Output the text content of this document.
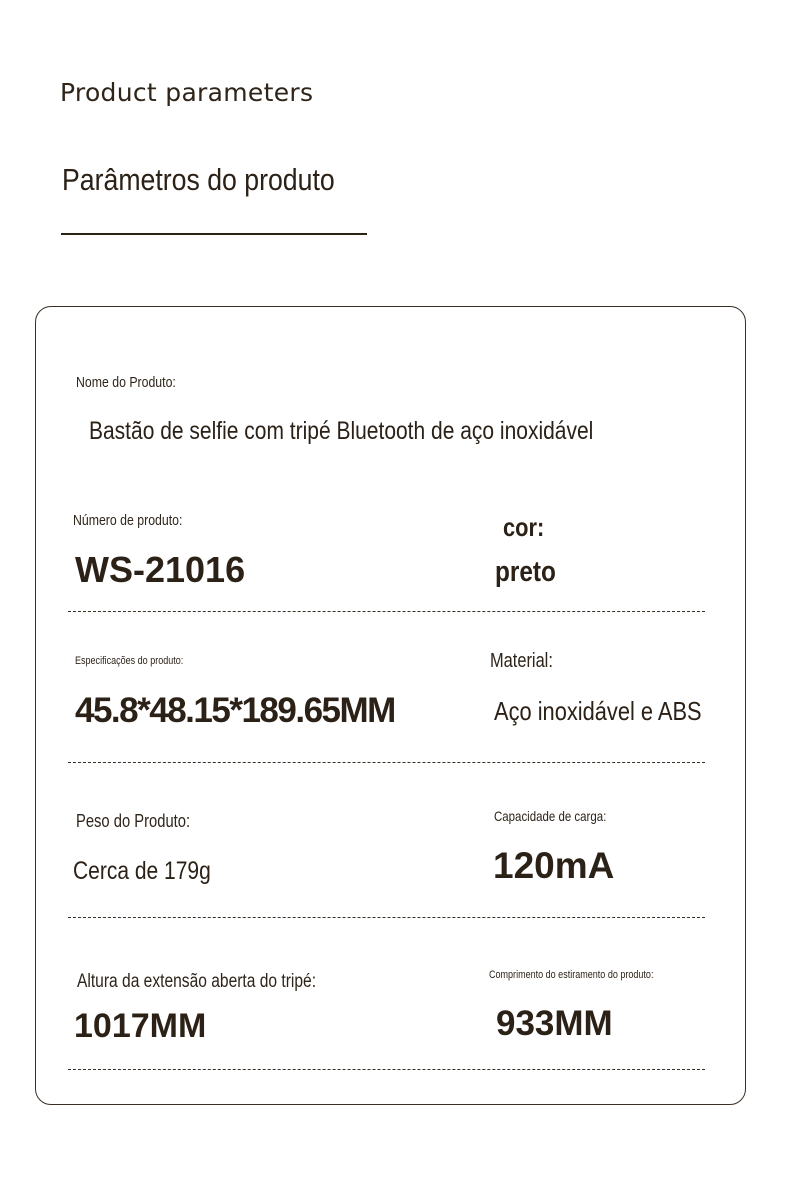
Product parameters
Parâmetros do produto
Nome do Produto:
Bastão de selfie com tripé Bluetooth de aço inoxidável
Número de produto:
WS-21016
cor:
preto
Especificações do produto:
45.8*48.15*189.65MM
Material:
Aço inoxidável e ABS
Peso do Produto:
Cerca de 179g
Capacidade de carga:
120mA
Altura da extensão aberta do tripé:
1017MM
Comprimento do estiramento do produto:
933MM
